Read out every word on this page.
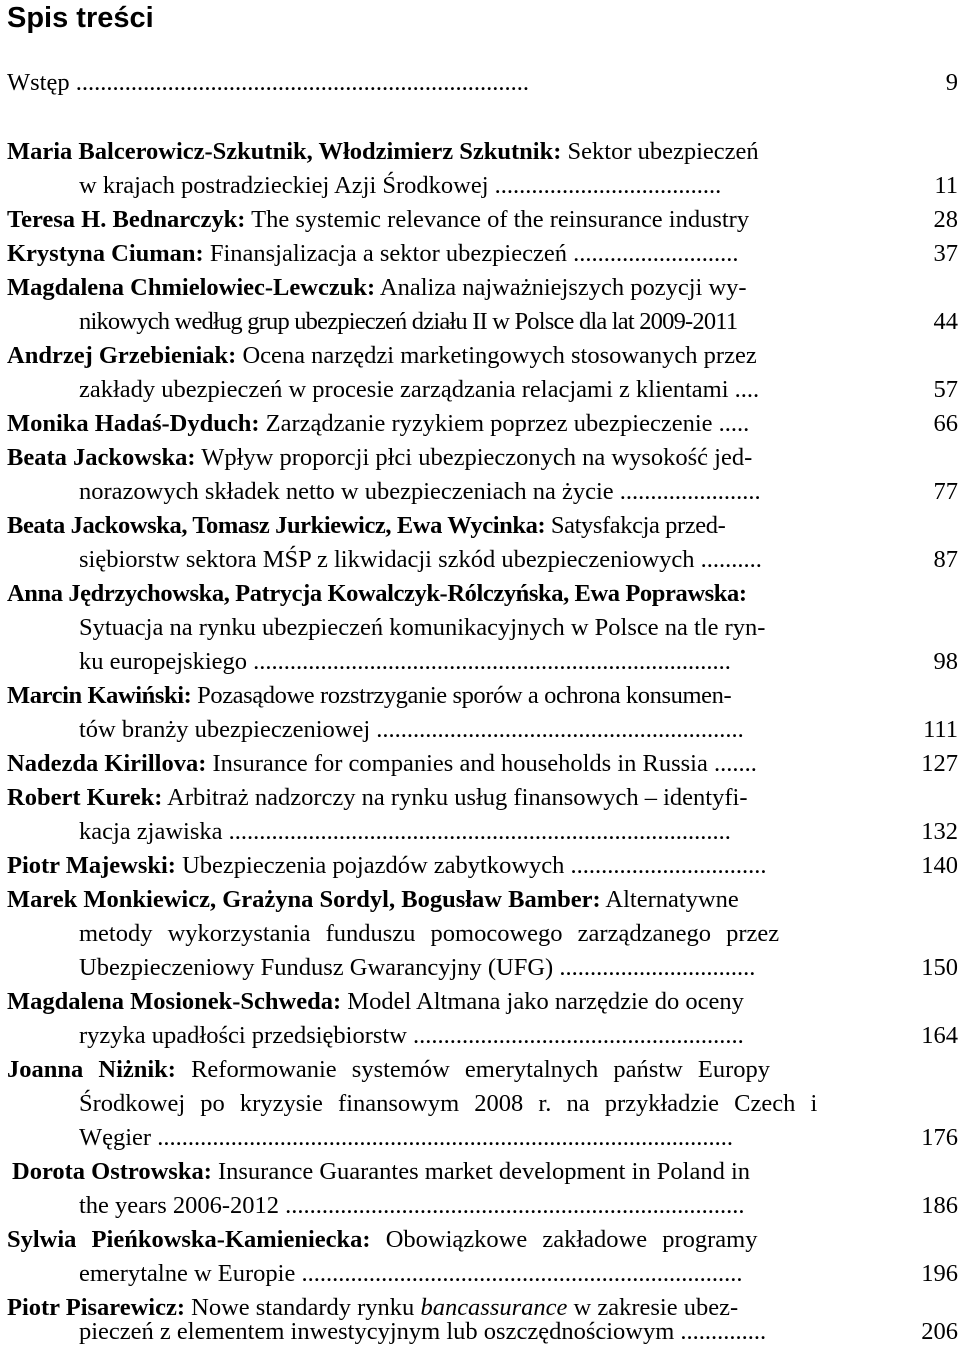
Spis treści
Wstęp ..........................................................................	9
Maria Balcerowicz-Szkutnik, Włodzimierz Szkutnik: Sektor ubezpieczeń
w krajach postradzieckiej Azji Środkowej .....................................	11
Teresa H. Bednarczyk: The systemic relevance of the reinsurance industry	28
Krystyna Ciuman: Finansjalizacja a sektor ubezpieczeń ...........................	37
Magdalena Chmielowiec-Lewczuk: Analiza najważniejszych pozycji wy-
nikowych według grup ubezpieczeń działu II w Polsce dla lat 2009-2011	44
Andrzej Grzebieniak: Ocena narzędzi marketingowych stosowanych przez
zakłady ubezpieczeń w procesie zarządzania relacjami z klientami ....	57
Monika Hadaś-Dyduch: Zarządzanie ryzykiem poprzez ubezpieczenie .....	66
Beata Jackowska: Wpływ proporcji płci ubezpieczonych na wysokość jed-
norazowych składek netto w ubezpieczeniach na życie .......................	77
Beata Jackowska, Tomasz Jurkiewicz, Ewa Wycinka: Satysfakcja przed-
siębiorstw sektora MŚP z likwidacji szkód ubezpieczeniowych ..........	87
Anna Jędrzychowska, Patrycja Kowalczyk-Rólczyńska, Ewa Poprawska:
Sytuacja na rynku ubezpieczeń komunikacyjnych w Polsce na tle ryn-
ku europejskiego ..............................................................................	98
Marcin Kawiński: Pozasądowe rozstrzyganie sporów a ochrona konsumen-
tów branży ubezpieczeniowej ............................................................	111
Nadezda Kirillova: Insurance for companies and households in Russia .......	127
Robert Kurek: Arbitraż nadzorczy na rynku usług finansowych – identyfi-
kacja zjawiska ..................................................................................	132
Piotr Majewski: Ubezpieczenia pojazdów zabytkowych ................................	140
Marek Monkiewicz, Grażyna Sordyl, Bogusław Bamber: Alternatywne
metody wykorzystania funduszu pomocowego zarządzanego przez
Ubezpieczeniowy Fundusz Gwarancyjny (UFG) ................................	150
Magdalena Mosionek-Schweda: Model Altmana jako narzędzie do oceny
ryzyka upadłości przedsiębiorstw ......................................................	164
Joanna Niżnik: Reformowanie systemów emerytalnych państw Europy
Środkowej po kryzysie finansowym 2008 r. na przykładzie Czech i
Węgier ..............................................................................................	176
Dorota Ostrowska: Insurance Guarantes market development in Poland in
the years 2006-2012 ...........................................................................	186
Sylwia Pieńkowska-Kamieniecka: Obowiązkowe zakładowe programy
emerytalne w Europie ........................................................................	196
Piotr Pisarewicz: Nowe standardy rynku bancassurance w zakresie ubez-
pieczeń z elementem inwestycyjnym lub oszczędnościowym ..............	206
